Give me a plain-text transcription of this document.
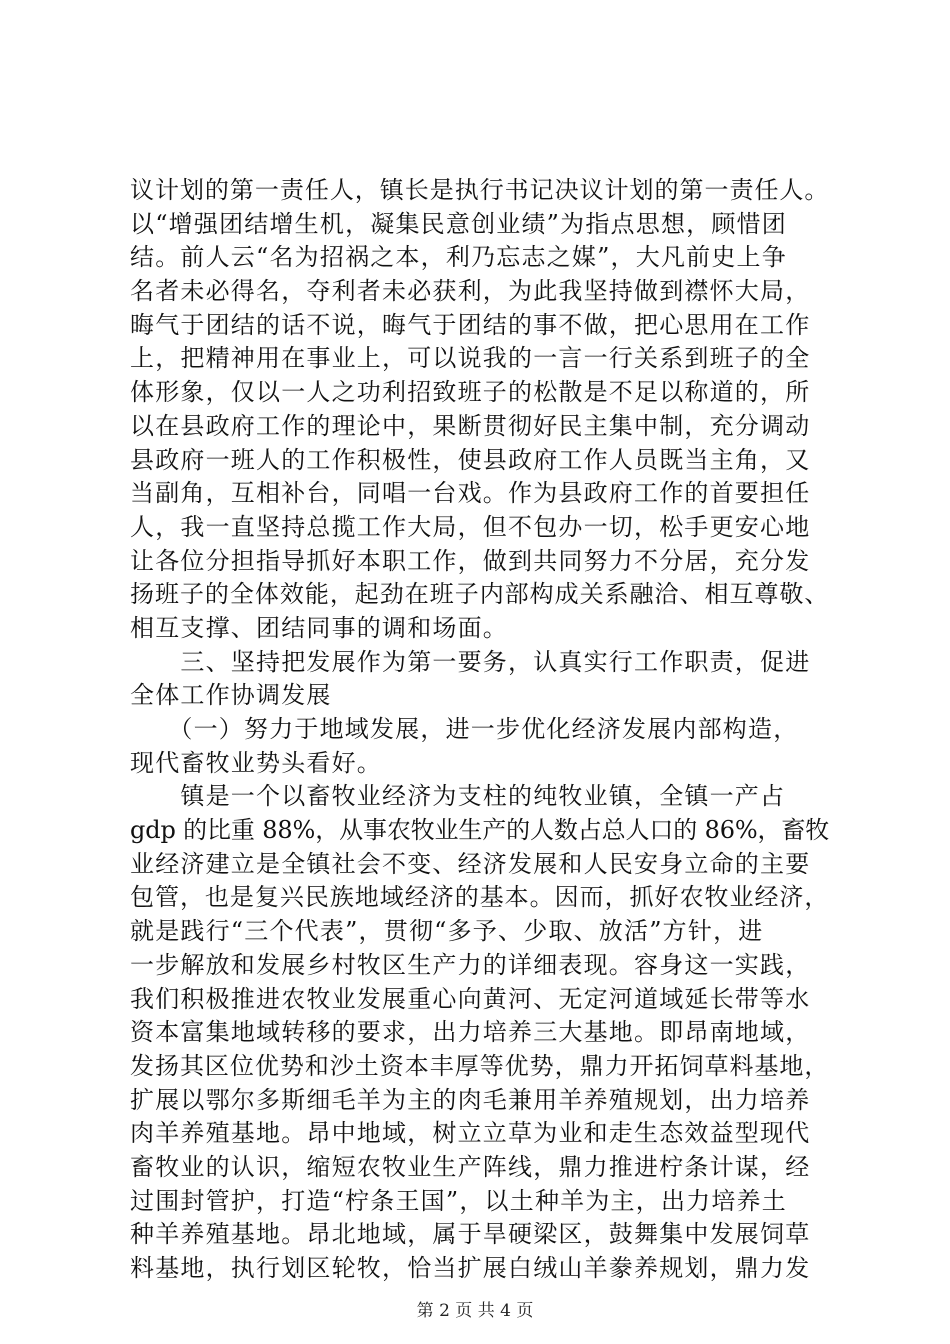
议计划的第一责任人，镇长是执行书记决议计划的第一责任人。
以“增强团结增生机，凝集民意创业绩”为指点思想，顾惜团
结。前人云“名为招祸之本，利乃忘志之媒”，大凡前史上争
名者未必得名，夺利者未必获利，为此我坚持做到襟怀大局，
晦气于团结的话不说，晦气于团结的事不做，把心思用在工作
上，把精神用在事业上，可以说我的一言一行关系到班子的全
体形象，仅以一人之功利招致班子的松散是不足以称道的，所
以在县政府工作的理论中，果断贯彻好民主集中制，充分调动
县政府一班人的工作积极性，使县政府工作人员既当主角，又
当副角，互相补台，同唱一台戏。作为县政府工作的首要担任
人，我一直坚持总揽工作大局，但不包办一切，松手更安心地
让各位分担指导抓好本职工作，做到共同努力不分居，充分发
扬班子的全体效能，起劲在班子内部构成关系融洽、相互尊敬、
相互支撑、团结同事的调和场面。
　　三、坚持把发展作为第一要务，认真实行工作职责，促进
全体工作协调发展
　　（一）努力于地域发展，进一步优化经济发展内部构造，
现代畜牧业势头看好。
　　镇是一个以畜牧业经济为支柱的纯牧业镇，全镇一产占
gdp 的比重 88%，从事农牧业生产的人数占总人口的 86%，畜牧
业经济建立是全镇社会不变、经济发展和人民安身立命的主要
包管，也是复兴民族地域经济的基本。因而，抓好农牧业经济，
就是践行“三个代表”，贯彻“多予、少取、放活”方针，进
一步解放和发展乡村牧区生产力的详细表现。容身这一实践，
我们积极推进农牧业发展重心向黄河、无定河道域延长带等水
资本富集地域转移的要求，出力培养三大基地。即昂南地域，
发扬其区位优势和沙土资本丰厚等优势，鼎力开拓饲草料基地，
扩展以鄂尔多斯细毛羊为主的肉毛兼用羊养殖规划，出力培养
肉羊养殖基地。昂中地域，树立立草为业和走生态效益型现代
畜牧业的认识，缩短农牧业生产阵线，鼎力推进柠条计谋，经
过围封管护，打造“柠条王国”，以土种羊为主，出力培养土
种羊养殖基地。昂北地域，属于旱硬梁区，鼓舞集中发展饲草
料基地，执行划区轮牧，恰当扩展白绒山羊豢养规划，鼎力发
第 2 页 共 4 页
